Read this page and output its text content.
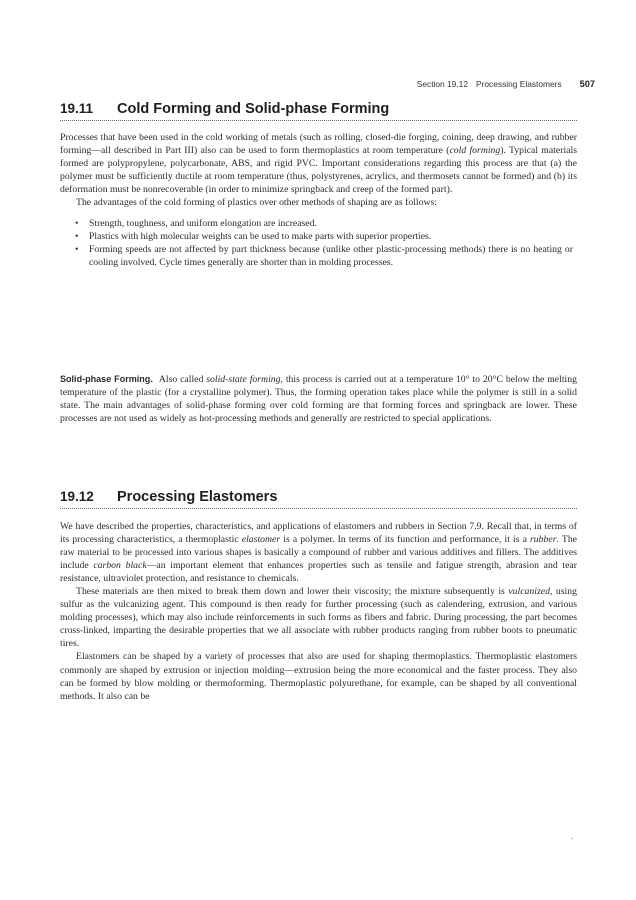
Section 19.12 Processing Elastomers 507
19.11 Cold Forming and Solid-phase Forming

Processes that have been used in the cold working of metals (such as rolling, closed-die forging, coining, deep drawing, and rubber forming—all described in Part III) also can be used to form thermoplastics at room temperature (cold forming). Typical materials formed are polypropylene, polycarbonate, ABS, and rigid PVC. Important considerations regarding this process are that (a) the polymer must be sufficiently ductile at room temperature (thus, polystyrenes, acrylics, and thermosets cannot be formed) and (b) its deformation must be nonrecoverable (in order to minimize springback and creep of the formed part).

The advantages of the cold forming of plastics over other methods of shaping are as follows:

• Strength, toughness, and uniform elongation are increased.
• Plastics with high molecular weights can be used to make parts with superior properties.
• Forming speeds are not affected by part thickness because (unlike other plastic-processing methods) there is no heating or cooling involved. Cycle times generally are shorter than in molding processes.

Solid-phase Forming. Also called solid-state forming, this process is carried out at a temperature 10° to 20°C below the melting temperature of the plastic (for a crystalline polymer). Thus, the forming operation takes place while the polymer is still in a solid state. The main advantages of solid-phase forming over cold forming are that forming forces and springback are lower. These processes are not used as widely as hot-processing methods and generally are restricted to special applications.

19.12 Processing Elastomers

We have described the properties, characteristics, and applications of elastomers and rubbers in Section 7.9. Recall that, in terms of its processing characteristics, a thermoplastic elastomer is a polymer. In terms of its function and performance, it is a rubber. The raw material to be processed into various shapes is basically a compound of rubber and various additives and fillers. The additives include carbon black—an important element that enhances properties such as tensile and fatigue strength, abrasion and tear resistance, ultraviolet protection, and resistance to chemicals.

These materials are then mixed to break them down and lower their viscosity; the mixture subsequently is vulcanized, using sulfur as the vulcanizing agent. This compound is then ready for further processing (such as calendering, extrusion, and various molding processes), which may also include reinforcements in such forms as fibers and fabric. During processing, the part becomes cross-linked, imparting the desirable properties that we all associate with rubber products ranging from rubber boots to pneumatic tires.

Elastomers can be shaped by a variety of processes that also are used for shaping thermoplastics. Thermoplastic elastomers commonly are shaped by extrusion or injection molding—extrusion being the more economical and the faster process. They also can be formed by blow molding or thermoforming. Thermoplastic polyurethane, for example, can be shaped by all conventional methods. It also can be

.
